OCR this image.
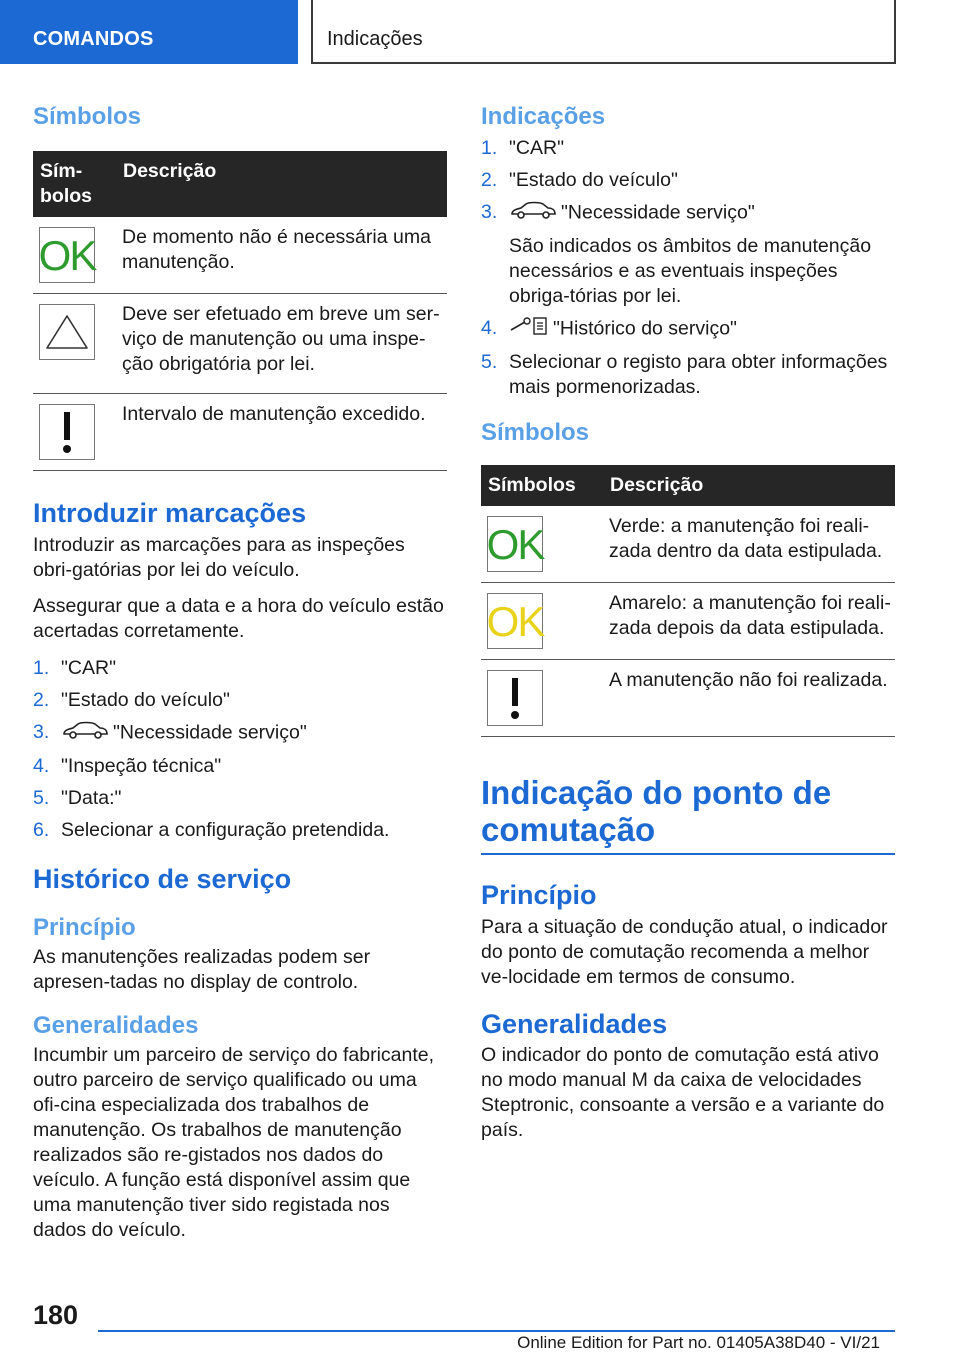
COMANDOS	Indicações
Símbolos
Sím-
bolos	Descrição

OK	De momento não é necessária uma manutenção.

	Deve ser efetuado em breve um ser-viço de manutenção ou uma inspe-ção obrigatória por lei.

	Intervalo de manutenção excedido.
Introduzir marcações
Introduzir as marcações para as inspeções obri-gatórias por lei do veículo.
Assegurar que a data e a hora do veículo estão acertadas corretamente.
1. "CAR"
2. "Estado do veículo"
3.	"Necessidade serviço"
4. "Inspeção técnica"
5. "Data:"
6. Selecionar a configuração pretendida.
Histórico de serviço
Princípio
As manutenções realizadas podem ser apresen-tadas no display de controlo.
Generalidades
Incumbir um parceiro de serviço do fabricante, outro parceiro de serviço qualificado ou uma ofi-cina especializada dos trabalhos de manutenção. Os trabalhos de manutenção realizados são re-gistados nos dados do veículo. A função está disponível assim que uma manutenção tiver sido registada nos dados do veículo.
Indicações
1. "CAR"
2. "Estado do veículo"
3.	"Necessidade serviço"
São indicados os âmbitos de manutenção necessários e as eventuais inspeções obriga-tórias por lei.
4.	"Histórico do serviço"
5. Selecionar o registo para obter informações mais pormenorizadas.
Símbolos
Símbolos	Descrição

OK	Verde: a manutenção foi reali-zada dentro da data estipulada.

OK	Amarelo: a manutenção foi reali-zada depois da data estipulada.

	A manutenção não foi realizada.
Indicação do ponto de comutação
Princípio
Para a situação de condução atual, o indicador do ponto de comutação recomenda a melhor ve-locidade em termos de consumo.
Generalidades
O indicador do ponto de comutação está ativo no modo manual M da caixa de velocidades Steptronic, consoante a versão e a variante do país.
180
Online Edition for Part no. 01405A38D40 - VI/21
